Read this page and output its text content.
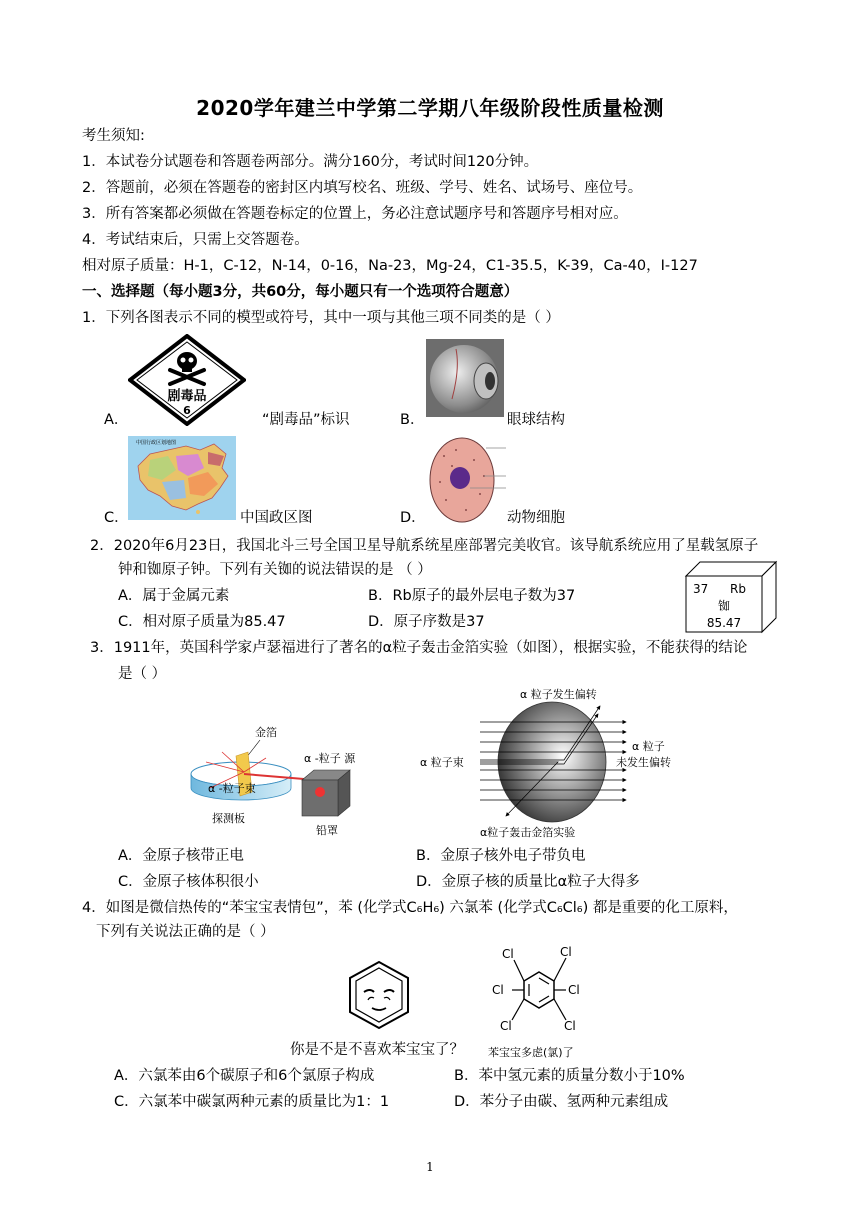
2020学年建兰中学第二学期八年级阶段性质量检测
考生须知:
1．本试卷分试题卷和答题卷两部分。满分160分，考试时间120分钟。
2．答题前，必须在答题卷的密封区内填写校名、班级、学号、姓名、试场号、座位号。
3．所有答案都必须做在答题卷标定的位置上，务必注意试题序号和答题序号相对应。
4．考试结束后，只需上交答题卷。
相对原子质量：H-1，C-12，N-14，0-16，Na-23，Mg-24，C1-35.5，K-39，Ca-40，I-127
一、选择题（每小题3分，共60分，每小题只有一个选项符合题意）
1．下列各图表示不同的模型或符号，其中一项与其他三项不同类的是（ ）
剧毒品
6
A．	“剧毒品”标识	B．	眼球结构
中国行政区划地图
C．	中国政区图	D．	动物细胞
2．2020年6月23日，我国北斗三号全国卫星导航系统星座部署完美收官。该导航系统应用了星载氢原子
钟和铷原子钟。下列有关铷的说法错误的是 （ ）
A．属于金属元素	B．Rb原子的最外层电子数为37
C．相对原子质量为85.47	D．原子序数是37
37 Rb
铷
85.47
3．1911年，英国科学家卢瑟福进行了著名的α粒子轰击金箔实验（如图），根据实验，不能获得的结论
是（ ）
金箔
α -粒子 源
α -粒子束
探测板
铅罩
α 粒子发生偏转
α 粒子束
α 粒子
未发生偏转
α粒子轰击金箔实验
A．金原子核带正电	B．金原子核外电子带负电
C．金原子核体积很小	D．金原子核的质量比α粒子大得多
4．如图是微信热传的“苯宝宝表情包”，苯 (化学式C₆H₆) 六氯苯 (化学式C₆Cl₆) 都是重要的化工原料，
下列有关说法正确的是（ ）
你是不是不喜欢苯宝宝了？
Cl	Cl
Cl	Cl
Cl	Cl
苯宝宝多虑(氯)了
A．六氯苯由6个碳原子和6个氯原子构成	B．苯中氢元素的质量分数小于10%
C．六氯苯中碳氯两种元素的质量比为1：1	D．苯分子由碳、氢两种元素组成
1
